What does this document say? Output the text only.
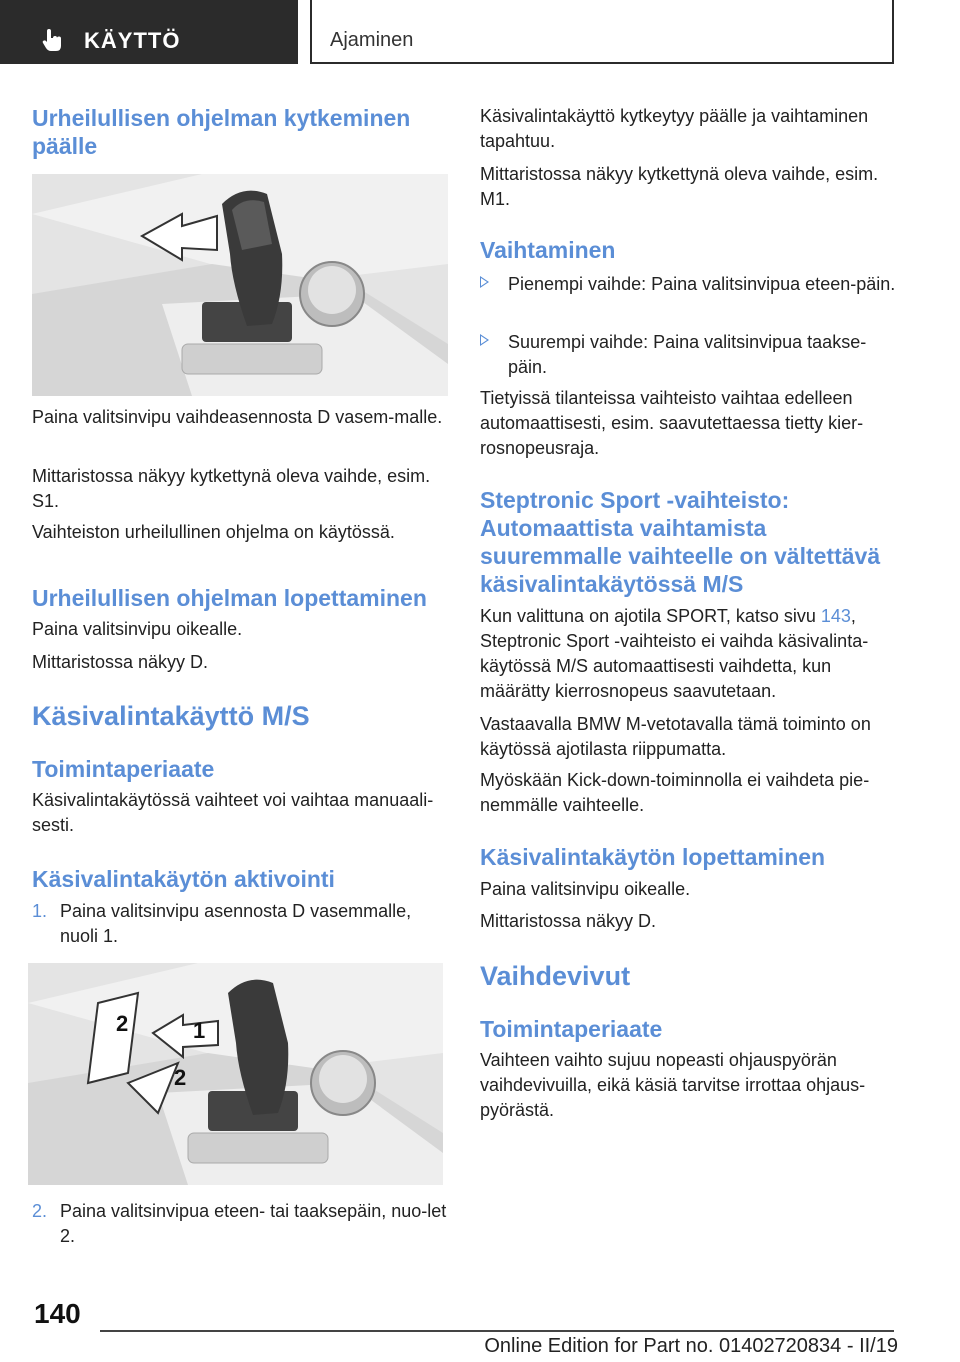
KÄYTTÖ	Ajaminen
Urheilullisen ohjelman kytkeminen päälle

Paina valitsinvipu vaihdeasennosta D vasem‐malle.

Mittaristossa näkyy kytkettynä oleva vaihde, esim. S1.

Vaihteiston urheilullinen ohjelma on käytössä.

Urheilullisen ohjelman lopettaminen

Paina valitsinvipu oikealle.

Mittaristossa näkyy D.

Käsivalintakäyttö M/S
Toimintaperiaate

Käsivalintakäytössä vaihteet voi vaihtaa manuaali‐sesti.

Käsivalintakäytön aktivointi
1. Paina valitsinvipu asennosta D vasemmalle, nuoli 1.
1
2
2
2. Paina valitsinvipua eteen- tai taaksepäin, nuo‐let 2.

Käsivalintakäyttö kytkeytyy päälle ja vaihtaminen tapahtuu.

Mittaristossa näkyy kytkettynä oleva vaihde, esim. M1.

Vaihtaminen
Pienempi vaihde: Paina valitsinvipua eteen‐päin.
Suurempi vaihde: Paina valitsinvipua taakse‐päin.

Tietyissä tilanteissa vaihteisto vaihtaa edelleen automaattisesti, esim. saavutettaessa tietty kier‐rosnopeusraja.

Steptronic Sport -vaihteisto: Automaattista vaihtamista suuremmalle vaihteelle on vältettävä käsivalintakäytössä M/S

Kun valittuna on ajotila SPORT, katso sivu 143, Steptronic Sport -vaihteisto ei vaihda käsivalinta‐käytössä M/S automaattisesti vaihdetta, kun määrätty kierrosnopeus saavutetaan.

Vastaavalla BMW M-vetotavalla tämä toiminto on käytössä ajotilasta riippumatta.

Myöskään Kick-down-toiminnolla ei vaihdeta pie‐nemmälle vaihteelle.

Käsivalintakäytön lopettaminen

Paina valitsinvipu oikealle.

Mittaristossa näkyy D.

Vaihdevivut
Toimintaperiaate

Vaihteen vaihto sujuu nopeasti ohjauspyörän vaihdevivuilla, eikä käsiä tarvitse irrottaa ohjaus‐pyörästä.

140
Online Edition for Part no. 01402720834 - II/19
